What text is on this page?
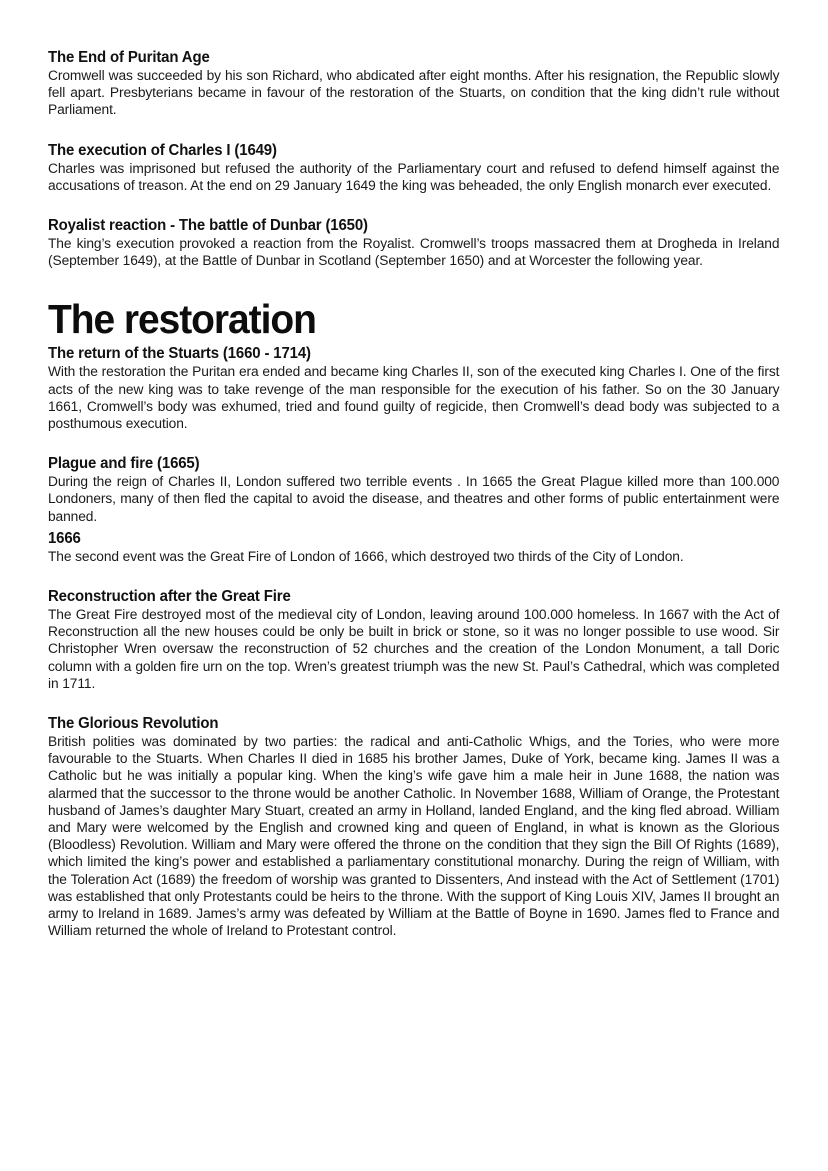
The End of Puritan Age

Cromwell was succeeded by his son Richard, who abdicated after eight months. After his resignation, the Republic slowly fell apart. Presbyterians became in favour of the restoration of the Stuarts, on condition that the king didn’t rule without Parliament.

The execution of Charles I (1649)

Charles was imprisoned but refused the authority of the Parliamentary court and refused to defend himself against the accusations of treason. At the end on 29 January 1649 the king was beheaded, the only English monarch ever executed.

Royalist reaction - The battle of Dunbar (1650)

The king’s execution provoked a reaction from the Royalist. Cromwell’s troops massacred them at Drogheda in Ireland (September 1649), at the Battle of Dunbar in Scotland (September 1650) and at Worcester the following year.

The restoration
The return of the Stuarts (1660 - 1714)

With the restoration the Puritan era ended and became king Charles II, son of the executed king Charles I. One of the first acts of the new king was to take revenge of the man responsible for the execution of his father. So on the 30 January 1661, Cromwell’s body was exhumed, tried and found guilty of regicide, then Cromwell’s dead body was subjected to a posthumous execution.

Plague and fire (1665)

During the reign of Charles II, London suffered two terrible events . In 1665 the Great Plague killed more than 100.000 Londoners, many of then fled the capital to avoid the disease, and theatres and other forms of public entertainment were banned.

1666

The second event was the Great Fire of London of 1666, which destroyed two thirds of the City of London.

Reconstruction after the Great Fire

The Great Fire destroyed most of the medieval city of London, leaving around 100.000 homeless. In 1667 with the Act of Reconstruction all the new houses could be only be built in brick or stone, so it was no longer possible to use wood. Sir Christopher Wren oversaw the reconstruction of 52 churches and the creation of the London Monument, a tall Doric column with a golden fire urn on the top. Wren’s greatest triumph was the new St. Paul’s Cathedral, which was completed in 1711.

The Glorious Revolution

British polities was dominated by two parties: the radical and anti-Catholic Whigs, and the Tories, who were more favourable to the Stuarts. When Charles II died in 1685 his brother James, Duke of York, became king. James II was a Catholic but he was initially a popular king. When the king’s wife gave him a male heir in June 1688, the nation was alarmed that the successor to the throne would be another Catholic. In November 1688, William of Orange, the Protestant husband of James’s daughter Mary Stuart, created an army in Holland, landed England, and the king fled abroad. William and Mary were welcomed by the English and crowned king and queen of England, in what is known as the Glorious (Bloodless) Revolution. William and Mary were offered the throne on the condition that they sign the Bill Of Rights (1689), which limited the king’s power and established a parliamentary constitutional monarchy. During the reign of William, with the Toleration Act (1689) the freedom of worship was granted to Dissenters, And instead with the Act of Settlement (1701) was established that only Protestants could be heirs to the throne. With the support of King Louis XIV, James II brought an army to Ireland in 1689. James’s army was defeated by William at the Battle of Boyne in 1690. James fled to France and William returned the whole of Ireland to Protestant control.
